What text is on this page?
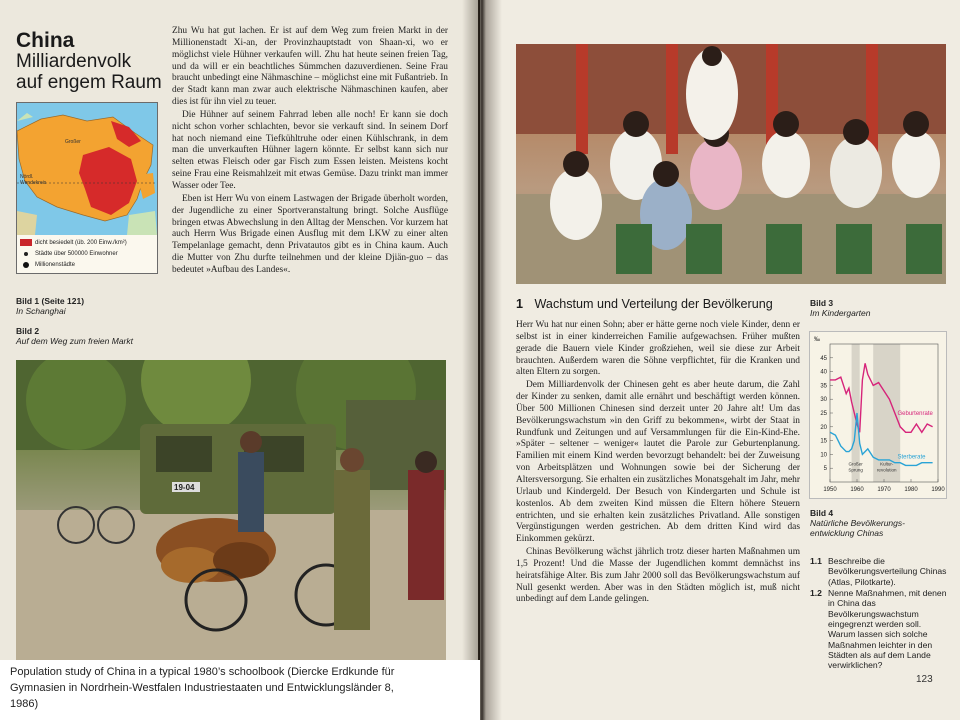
China
Milliardenvolk
auf engem Raum
Großer
Nördl.
Wendekreis
dicht besiedelt (üb. 200 Einw./km²)
Städte über 500000 Einwohner
Millionenstädte
Bild 1 (Seite 121)
In Schanghai
Bild 2
Auf dem Weg zum freien Markt

Zhu Wu hat gut lachen. Er ist auf dem Weg zum freien Markt in der Millionenstadt Xi-an, der Provinzhauptstadt von Shaan-xi, wo er möglichst viele Hühner verkaufen will. Zhu hat heute seinen freien Tag, und da will er ein beachtliches Sümmchen dazuverdienen. Seine Frau braucht unbedingt eine Nähmaschine – möglichst eine mit Fußantrieb. In der Stadt kann man zwar auch elektrische Nähmaschinen kaufen, aber dies ist für ihn viel zu teuer.

Die Hühner auf seinem Fahrrad leben alle noch! Er kann sie doch nicht schon vorher schlachten, bevor sie verkauft sind. In seinem Dorf hat noch niemand eine Tiefkühltruhe oder einen Kühlschrank, in dem man die unverkauften Hühner lagern könnte. Er selbst kann sich nur selten etwas Fleisch oder gar Fisch zum Essen leisten. Meistens kocht seine Frau eine Reismahlzeit mit etwas Gemüse. Dazu trinkt man immer Wasser oder Tee.

Eben ist Herr Wu von einem Lastwagen der Brigade überholt worden, der Jugendliche zu einer Sportveranstaltung bringt. Solche Ausflüge bringen etwas Abwechslung in den Alltag der Menschen. Vor kurzem hat auch Herrn Wus Brigade einen Ausflug mit dem LKW zu einer alten Tempelanlage gemacht, denn Privatautos gibt es in China kaum. Auch die Mutter von Zhu durfte teilnehmen und der kleine Djiän-guo – das bedeutet »Aufbau des Landes«.

19-04
Bild 3
Im Kindergarten
1 Wachstum und Verteilung der Bevölkerung

Herr Wu hat nur einen Sohn; aber er hätte gerne noch viele Kinder, denn er selbst ist in einer kinderreichen Familie aufgewachsen. Früher mußten gerade die Bauern viele Kinder großziehen, weil sie diese zur Arbeit brauchten. Außerdem waren die Söhne verpflichtet, für die Kranken und alten Eltern zu sorgen.

Dem Milliardenvolk der Chinesen geht es aber heute darum, die Zahl der Kinder zu senken, damit alle ernährt und beschäftigt werden können. Über 500 Millionen Chinesen sind derzeit unter 20 Jahre alt! Um das Bevölkerungswachstum »in den Griff zu bekommen«, wirbt der Staat in Rundfunk und Zeitungen und auf Versammlungen für die Ein-Kind-Ehe. »Später – seltener – weniger« lautet die Parole zur Geburtenplanung. Familien mit einem Kind werden bevorzugt behandelt: bei der Zuweisung von Arbeitsplätzen und Wohnungen sowie bei der Sicherung der Altersversorgung. Sie erhalten ein zusätzliches Monatsgehalt im Jahr, mehr Urlaub und Kindergeld. Der Besuch von Kindergarten und Schule ist kostenlos. Ab dem zweiten Kind müssen die Eltern höhere Steuern entrichten, und sie erhalten kein zusätzliches Privatland. Alle sonstigen Vergünstigungen werden gestrichen. Ab dem dritten Kind wird das Einkommen gekürzt.

Chinas Bevölkerung wächst jährlich trotz dieser harten Maßnahmen um 1,5 Prozent! Und die Masse der Jugendlichen kommt demnächst ins heiratsfähige Alter. Bis zum Jahr 2000 soll das Bevölkerungswachstum auf Null gesenkt werden. Aber was in den Städten möglich ist, muß nicht unbedingt auf dem Lande gelingen.

5
10
15
20
25
30
35
40
45
1950 1960 1970 1980 1990
‰
Geburtenrate
Sterberate
Großer
Sprung
Kultur-
revolution
Bild 4
Natürliche Bevölkerungs-
entwicklung Chinas
1.1 Beschreibe die Bevölkerungsverteilung Chinas (Atlas, Pilotkarte).
1.2 Nenne Maßnahmen, mit denen in China das Bevölkerungswachstum eingegrenzt werden soll. Warum lassen sich solche Maßnahmen leichter in den Städten als auf dem Lande verwirklichen?
123
Population study of China in a typical 1980’s schoolbook (Diercke Erdkunde für
Gymnasien in Nordrhein-Westfalen Industriestaaten und Entwicklungsländer 8,
1986)
